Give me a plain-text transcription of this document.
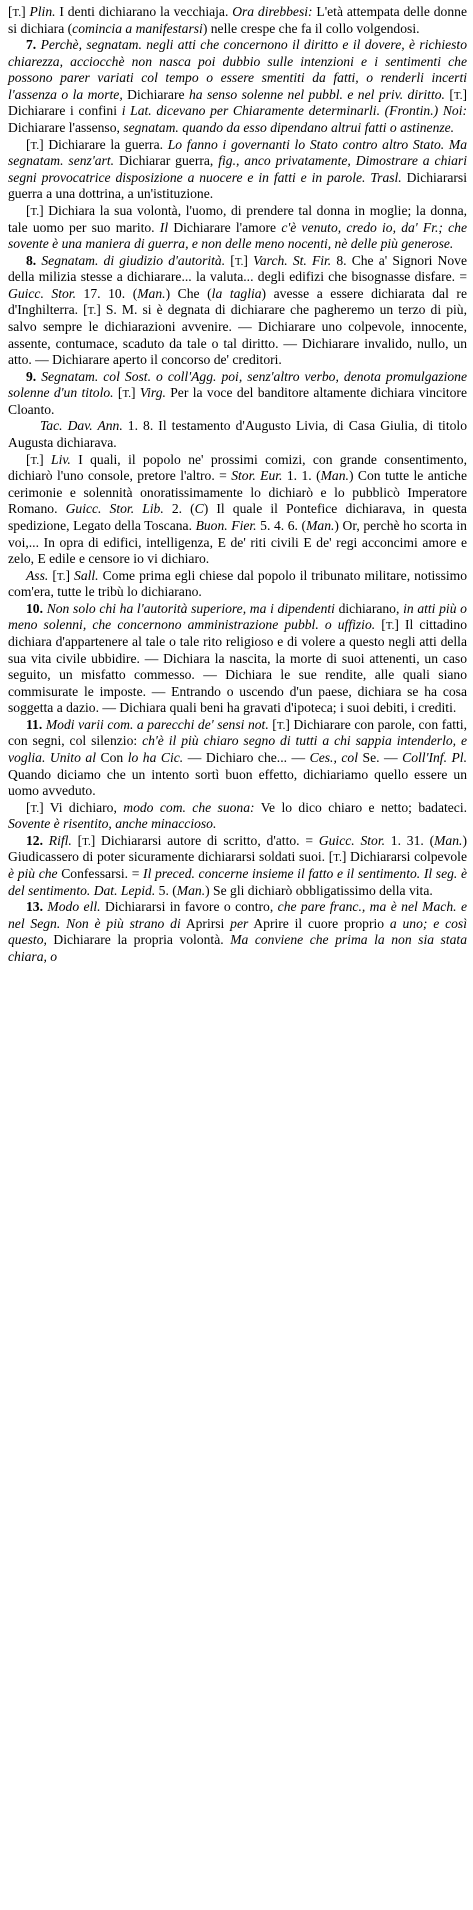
[T.] Plin. I denti dichiarano la vecchiaja. Ora direbbesi: L'età attempata delle donne si dichiara (comincia a manifestarsi) nelle crespe che fa il collo volgendosi.

7. Perchè, segnatam. negli atti che concernono il diritto e il dovere, è richiesto chiarezza, acciocchè non nasca poi dubbio sulle intenzioni e i sentimenti che possono parer variati col tempo o essere smentiti da fatti, o renderli incerti l'assenza o la morte, Dichiarare ha senso solenne nel pubbl. e nel priv. diritto. [T.] Dichiarare i confini i Lat. dicevano per Chiaramente determinarli. (Frontin.) Noi: Dichiarare l'assenso, segnatam. quando da esso dipendano altrui fatti o astinenze.

[T.] Dichiarare la guerra. Lo fanno i governanti lo Stato contro altro Stato. Ma segnatam. senz'art. Dichiarar guerra, fig., anco privatamente, Dimostrare a chiari segni provocatrice disposizione a nuocere e in fatti e in parole. Trasl. Dichiararsi guerra a una dottrina, a un'istituzione.

[T.] Dichiara la sua volontà, l'uomo, di prendere tal donna in moglie; la donna, tale uomo per suo marito. Il Dichiarare l'amore c'è venuto, credo io, da' Fr.; che sovente è una maniera di guerra, e non delle meno nocenti, nè delle più generose.

8. Segnatam. di giudizio d'autorità. [T.] Varch. St. Fir. 8. Che a' Signori Nove della milizia stesse a dichiarare... la valuta... degli edifizi che bisognasse disfare. = Guicc. Stor. 17. 10. (Man.) Che (la taglia) avesse a essere dichiarata dal re d'Inghilterra. [T.] S. M. si è degnata di dichiarare che pagheremo un terzo di più, salvo sempre le dichiarazioni avvenire. — Dichiarare uno colpevole, innocente, assente, contumace, scaduto da tale o tal diritto. — Dichiarare invalido, nullo, un atto. — Dichiarare aperto il concorso de' creditori.

9. Segnatam. col Sost. o coll'Agg. poi, senz'altro verbo, denota promulgazione solenne d'un titolo. [T.] Virg. Per la voce del banditore altamente dichiara vincitore Cloanto.

Tac. Dav. Ann. 1. 8. Il testamento d'Augusto Livia, di Casa Giulia, di titolo Augusta dichiarava.

[T.] Liv. I quali, il popolo ne' prossimi comizi, con grande consentimento, dichiarò l'uno console, pretore l'altro. = Stor. Eur. 1. 1. (Man.) Con tutte le antiche cerimonie e solennità onoratissimamente lo dichiarò e lo pubblicò Imperatore Romano. Guicc. Stor. Lib. 2. (C) Il quale il Pontefice dichiarava, in questa spedizione, Legato della Toscana. Buon. Fier. 5. 4. 6. (Man.) Or, perchè ho scorta in voi,... In opra di edifici, intelligenza, E de' riti civili E de' regi acconcimi amore e zelo, E edile e censore io vi dichiaro.

Ass. [T.] Sall. Come prima egli chiese dal popolo il tribunato militare, notissimo com'era, tutte le tribù lo dichiarano.

10. Non solo chi ha l'autorità superiore, ma i dipendenti dichiarano, in atti più o meno solenni, che concernono amministrazione pubbl. o uffizio. [T.] Il cittadino dichiara d'appartenere al tale o tale rito religioso e di volere a questo negli atti della sua vita civile ubbidire. — Dichiara la nascita, la morte di suoi attenenti, un caso seguito, un misfatto commesso. — Dichiara le sue rendite, alle quali siano commisurate le imposte. — Entrando o uscendo d'un paese, dichiara se ha cosa soggetta a dazio. — Dichiara quali beni ha gravati d'ipoteca; i suoi debiti, i crediti.

11. Modi varii com. a parecchi de' sensi not. [T.] Dichiarare con parole, con fatti, con segni, col silenzio: ch'è il più chiaro segno di tutti a chi sappia intenderlo, e voglia. Unito al Con lo ha Cic. — Dichiaro che... — Ces., col Se. — Coll'Inf. Pl. Quando diciamo che un intento sortì buon effetto, dichiariamo quello essere un uomo avveduto.

[T.] Vi dichiaro, modo com. che suona: Ve lo dico chiaro e netto; badateci. Sovente è risentito, anche minaccioso.

12. Rifl. [T.] Dichiararsi autore di scritto, d'atto. = Guicc. Stor. 1. 31. (Man.) Giudicassero di poter sicuramente dichiararsi soldati suoi. [T.] Dichiararsi colpevole è più che Confessarsi. = Il preced. concerne insieme il fatto e il sentimento. Il seg. è del sentimento. Dat. Lepid. 5. (Man.) Se gli dichiarò obbligatissimo della vita.

13. Modo ell. Dichiararsi in favore o contro, che pare franc., ma è nel Mach. e nel Segn. Non è più strano di Aprirsi per Aprire il cuore proprio a uno; e così questo, Dichiarare la propria volontà. Ma conviene che prima la non sia stata chiara, o
